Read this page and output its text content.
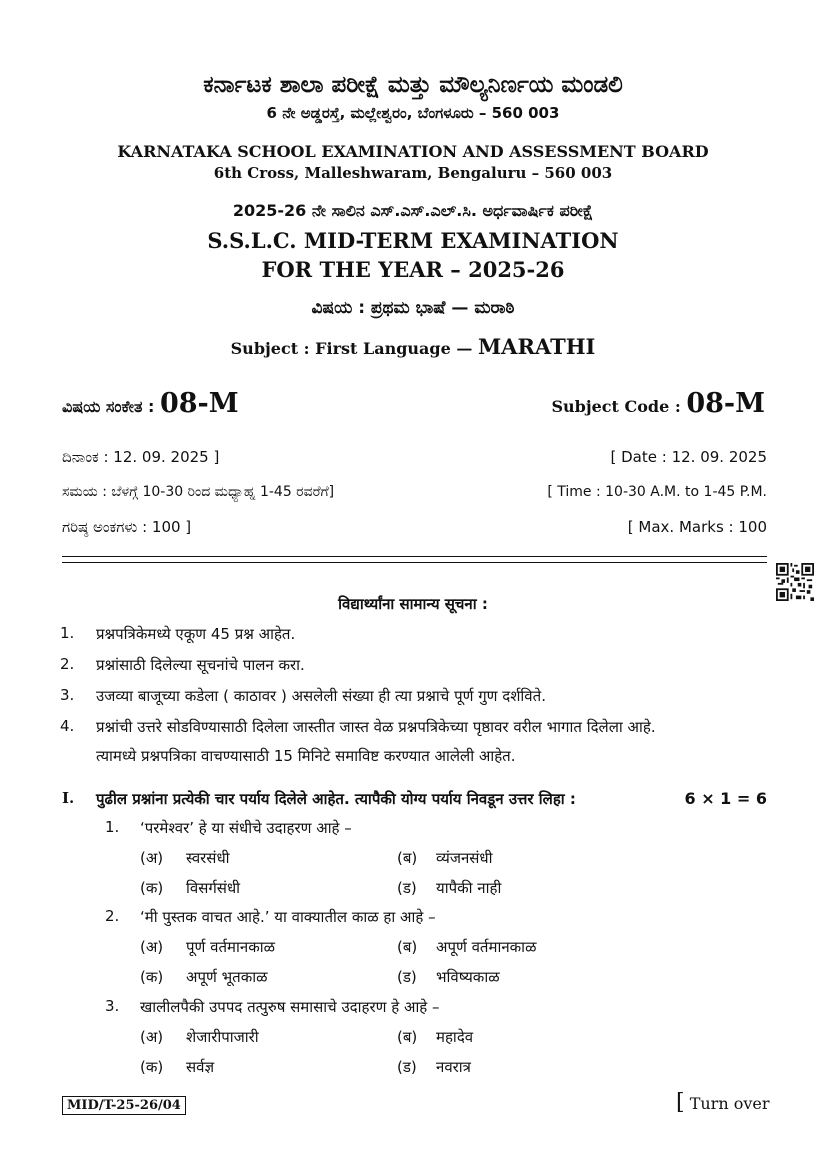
ಕರ್ನಾಟಕ ಶಾಲಾ ಪರೀಕ್ಷೆ ಮತ್ತು ಮೌಲ್ಯನಿರ್ಣಯ ಮಂಡಲಿ
6 ನೇ ಅಡ್ಡರಸ್ತೆ, ಮಲ್ಲೇಶ್ವರಂ, ಬೆಂಗಳೂರು – 560 003
KARNATAKA SCHOOL EXAMINATION AND ASSESSMENT BOARD
6th Cross, Malleshwaram, Bengaluru – 560 003
2025-26 ನೇ ಸಾಲಿನ ಎಸ್.ಎಸ್.ಎಲ್.ಸಿ. ಅರ್ಧವಾರ್ಷಿಕ ಪರೀಕ್ಷೆ
S.S.L.C. MID-TERM EXAMINATION
FOR THE YEAR – 2025-26
ವಿಷಯ : ಪ್ರಥಮ ಭಾಷೆ — ಮರಾಠಿ
Subject : First Language — MARATHI
ವಿಷಯ ಸಂಕೇತ : 08-M	Subject Code : 08-M
ದಿನಾಂಕ : 12. 09. 2025 ]	[ Date : 12. 09. 2025
ಸಮಯ : ಬೆಳಗ್ಗೆ 10-30 ರಿಂದ ಮಧ್ಯಾಹ್ನ 1-45 ರವರೆಗೆ]	[ Time : 10-30 A.M. to 1-45 P.M.
ಗರಿಷ್ಠ ಅಂಕಗಳು : 100 ]	[ Max. Marks : 100
विद्यार्थ्यांना सामान्य सूचना :
1. प्रश्नपत्रिकेमध्ये एकूण 45 प्रश्न आहेत.
2. प्रश्नांसाठी दिलेल्या सूचनांचे पालन करा.
3. उजव्या बाजूच्या कडेला ( काठावर ) असलेली संख्या ही त्या प्रश्नाचे पूर्ण गुण दर्शविते.
4. प्रश्नांची उत्तरे सोडविण्यासाठी दिलेला जास्तीत जास्त वेळ प्रश्नपत्रिकेच्या पृष्ठावर वरील भागात दिलेला आहे.
त्यामध्ये प्रश्नपत्रिका वाचण्यासाठी 15 मिनिटे समाविष्ट करण्यात आलेली आहेत.
I. पुढील प्रश्नांना प्रत्येकी चार पर्याय दिलेले आहेत. त्यापैकी योग्य पर्याय निवडून उत्तर लिहा :	6 × 1 = 6
1. ‘परमेश्वर’ हे या संधीचे उदाहरण आहे –
(अ) स्वरसंधी	(ब) व्यंजनसंधी
(क) विसर्गसंधी	(ड) यापैकी नाही
2. ‘मी पुस्तक वाचत आहे.’ या वाक्यातील काळ हा आहे –
(अ) पूर्ण वर्तमानकाळ	(ब) अपूर्ण वर्तमानकाळ
(क) अपूर्ण भूतकाळ	(ड) भविष्यकाळ
3. खालीलपैकी उपपद तत्पुरुष समासाचे उदाहरण हे आहे –
(अ) शेजारीपाजारी	(ब) महादेव
(क) सर्वज्ञ	(ड) नवरात्र
MID/T-25-26/04	[ Turn over
